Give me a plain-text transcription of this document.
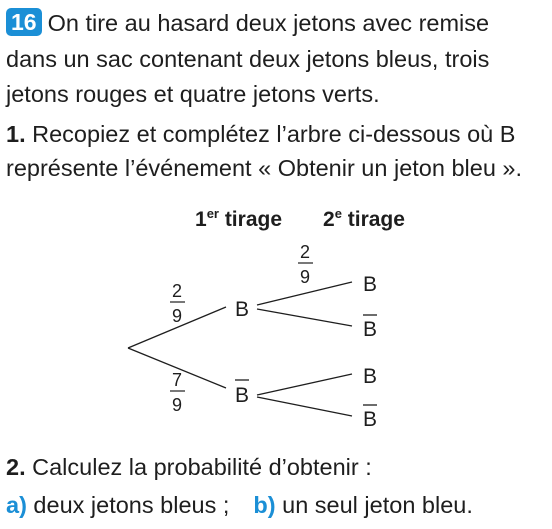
16 On tire au hasard deux jetons avec remise
dans un sac contenant deux jetons bleus, trois
jetons rouges et quatre jetons verts.
1. Recopiez et complétez l’arbre ci-dessous où B
représente l’événement « Obtenir un jeton bleu ».
1er tirage 2e tirage
2
9
7
9
2
9
B
B
B
B
B
B
2. Calculez la probabilité d’obtenir :
a) deux jetons bleus ; b) un seul jeton bleu.
